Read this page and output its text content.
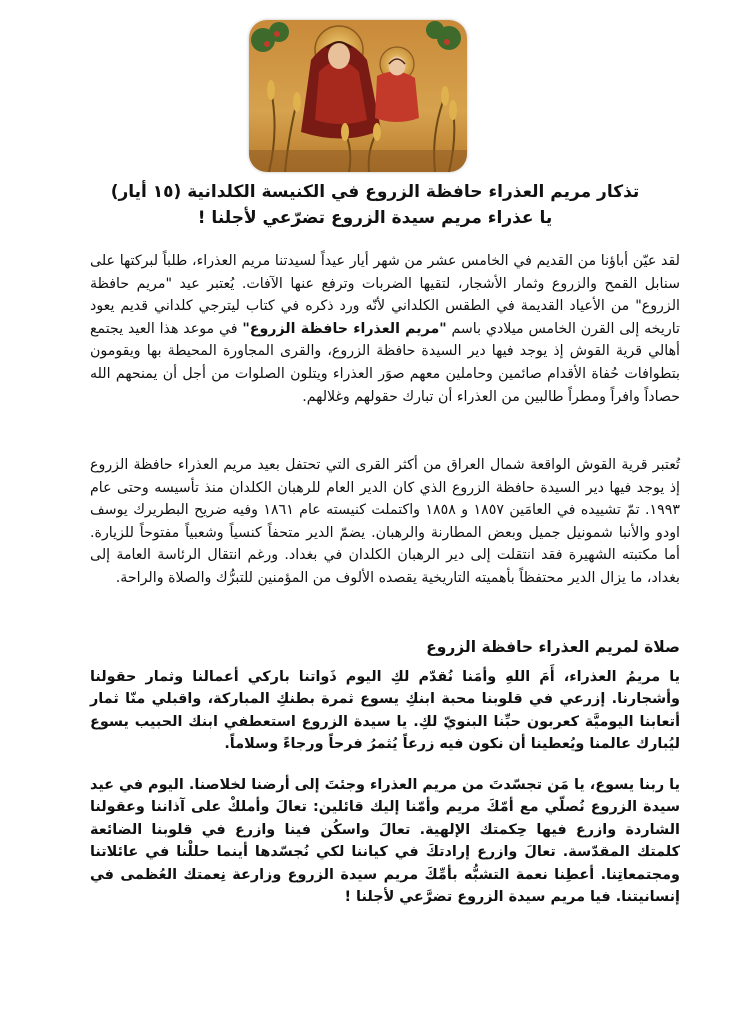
تذكار مريم العذراء حافظة الزروع في الكنيسة الكلدانية (١٥ أيار)
يا عذراء مريم سيدة الزروع تضرّعي لأجلنا !

لقد عيّن أباؤنا من القديم في الخامس عشر من شهر أيار عيداً لسيدتنا مريم العذراء، طلباً لبركتها على سنابل القمح والزروع وثمار الأشجار، لتقيها الضربات وترفع عنها الآفات. يُعتبر عيد "مريم حافظة الزروع" من الأعياد القديمة في الطقس الكلداني لأنّه ورد ذكره في كتاب ليترجي كلداني قديم يعود تاريخه إلى القرن الخامس ميلادي باسم "مريم العذراء حافظة الزروع" في موعد هذا العيد يجتمع أهالي قرية القوش إذ يوجد فيها دير السيدة حافظة الزروع، والقرى المجاورة المحيطة بها ويقومون بتطوافات حُفاة الأقدام صائمين وحاملين معهم صوَر العذراء ويتلون الصلوات من أجل أن يمنحهم الله حصاداً وافراً ومطراً طالبين من العذراء أن تبارك حقولهم وغلالهم.

تُعتبر قرية القوش الواقعة شمال العراق من أكثر القرى التي تحتفل بعيد مريم العذراء حافظة الزروع إذ يوجد فيها دير السيدة حافظة الزروع الذي كان الدير العام للرهبان الكلدان منذ تأسيسه وحتى عام ١٩٩٣. تمّ تشييده في العامَين ١٨٥٧ و ١٨٥٨ واكتملت كنيسته عام ١٨٦١ وفيه ضريح البطريرك يوسف اودو والأنبا شمونيل جميل وبعض المطارنة والرهبان. يضمّ الدير متحفاً كنسياً وشعبياً مفتوحاً للزيارة. أما مكتبته الشهيرة فقد انتقلت إلى دير الرهبان الكلدان في بغداد. ورغم انتقال الرئاسة العامة إلى بغداد، ما يزال الدير محتفظاً بأهميته التاريخية يقصده الألوف من المؤمنين للتبرُّك والصلاة والراحة.

صلاة لمريم العذراء حافظة الزروع

يا مريمُ العذراء، أَمَ اللهِ وأمَنا نُقدّم لكِ اليوم ذَواتنا باركي أعمالنا وثمار حقولنا وأشجارنا. إزرعي في قلوبنا محبة ابنكِ يسوع ثمرة بطنكِ المباركة، واقبلي منّا ثمار أتعابنا اليوميَّة كعربون حبِّنا البنويّ لكِ. يا سيدة الزروع استعطفي ابنك الحبيب يسوع ليُبارك عالمنا ويُعطينا أن نكون فيه زرعاً يُثمرُ فرحاً ورجاءً وسلاماً.

يا ربنا يسوع، يا مَن تجسّدتَ من مريم العذراء وجئتَ إلى أرضنا لخلاصنا. اليوم في عيد سيدة الزروع نُصلّي مع أمّكَ مريم وأمّنا إليك قائلين: تعالَ وأملكْ على آذاننا وعقولنا الشاردة وازرع فيها حِكمتك الإلهية. تعالَ واسكُن فينا وازرع في قلوبنا الضائعة كلمتك المقدّسة. تعالَ وازرع إرادتكَ في كياننا لكي نُجسّدها أينما حللْنا في عائلاتنا ومجتمعاتِنا. أعطِنا نعمة التشبُّه بأمِّكَ مريم سيدة الزروع وزارعة نِعمتك العُظمى في إنسانيتنا. فيا مريم سيدة الزروع تضرَّعي لأجلنا !
